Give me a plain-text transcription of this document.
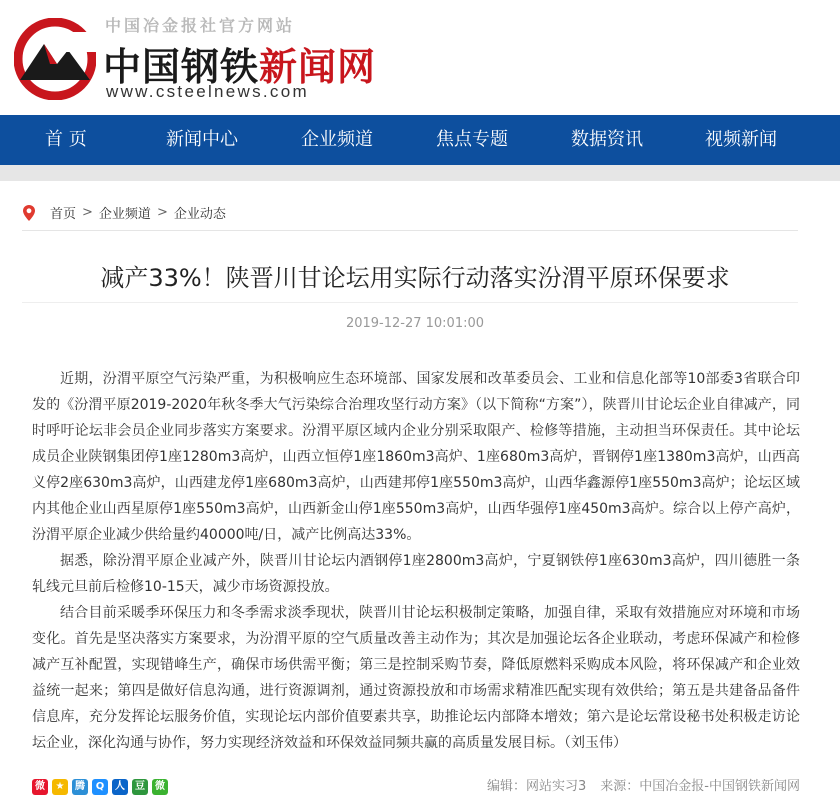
中国冶金报社官方网站
中国钢铁新闻网
www.csteelnews.com
首 页	新闻中心	企业频道	焦点专题	数据资讯	视频新闻
首页 > 企业频道 > 企业动态
减产33%！陕晋川甘论坛用实际行动落实汾渭平原环保要求
2019-12-27 10:01:00

近期，汾渭平原空气污染严重，为积极响应生态环境部、国家发展和改革委员会、工业和信息化部等10部委3省联合印发的《汾渭平原2019-2020年秋冬季大气污染综合治理攻坚行动方案》（以下简称“方案”），陕晋川甘论坛企业自律减产，同时呼吁论坛非会员企业同步落实方案要求。汾渭平原区域内企业分别采取限产、检修等措施，主动担当环保责任。其中论坛成员企业陕钢集团停1座1280m3高炉，山西立恒停1座1860m3高炉、1座680m3高炉，晋钢停1座1380m3高炉，山西高义停2座630m3高炉，山西建龙停1座680m3高炉，山西建邦停1座550m3高炉，山西华鑫源停1座550m3高炉；论坛区域内其他企业山西星原停1座550m3高炉，山西新金山停1座550m3高炉，山西华强停1座450m3高炉。综合以上停产高炉，汾渭平原企业减少供给量约40000吨/日，减产比例高达33%。

据悉，除汾渭平原企业减产外，陕晋川甘论坛内酒钢停1座2800m3高炉，宁夏钢铁停1座630m3高炉，四川德胜一条轧线元旦前后检修10-15天，减少市场资源投放。

结合目前采暖季环保压力和冬季需求淡季现状，陕晋川甘论坛积极制定策略，加强自律，采取有效措施应对环境和市场变化。首先是坚决落实方案要求，为汾渭平原的空气质量改善主动作为；其次是加强论坛各企业联动，考虑环保减产和检修减产互补配置，实现错峰生产，确保市场供需平衡；第三是控制采购节奏，降低原燃料采购成本风险，将环保减产和企业效益统一起来；第四是做好信息沟通，进行资源调剂，通过资源投放和市场需求精准匹配实现有效供给；第五是共建备品备件信息库，充分发挥论坛服务价值，实现论坛内部价值要素共享，助推论坛内部降本增效；第六是论坛常设秘书处积极走访论坛企业，深化沟通与协作，努力实现经济效益和环保效益同频共赢的高质量发展目标。（刘玉伟）

微	★	腾	Q	人	豆	微	编辑：网站实习3 来源：中国冶金报-中国钢铁新闻网
